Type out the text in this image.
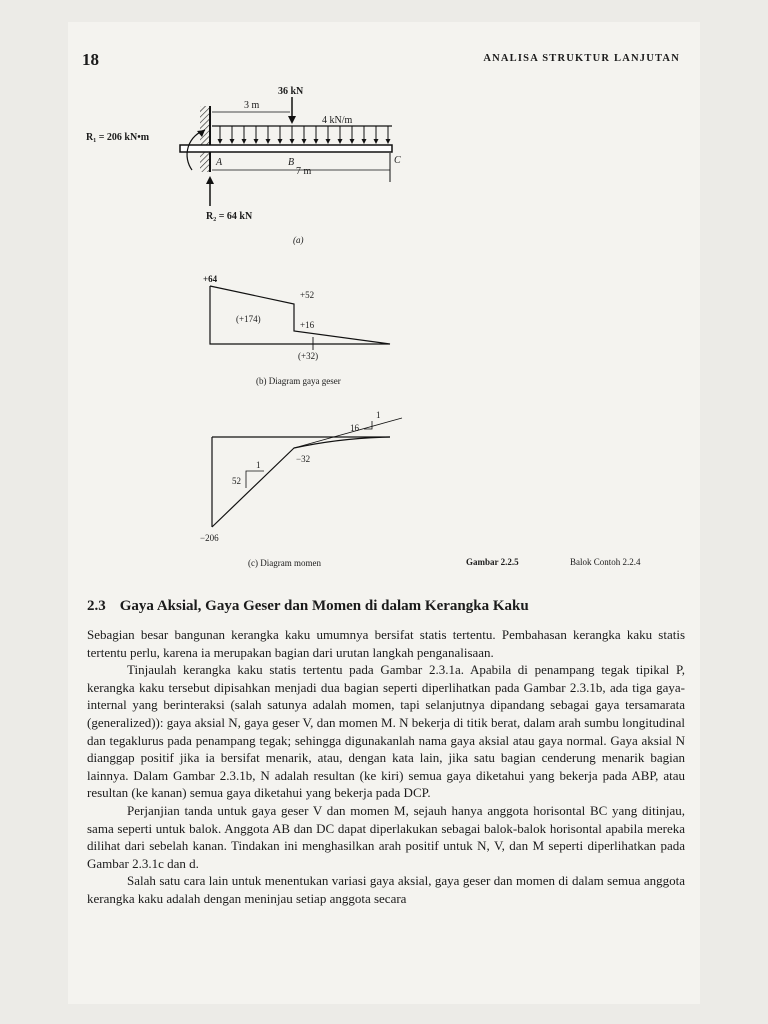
18	ANALISA STRUKTUR LANJUTAN
36 kN
3 m
4 kN/m
R₁ = 206 kN•m
A	B	C
7 m
R₂ = 64 kN
(a)
+64
+52
(+174)
+16
(+32)
(b) Diagram gaya geser
16
1
−32
1
52
−206
(c) Diagram momen	Gambar 2.2.5	Balok Contoh 2.2.4
2.3 Gaya Aksial, Gaya Geser dan Momen di dalam Kerangka Kaku

Sebagian besar bangunan kerangka kaku umumnya bersifat statis tertentu. Pembahasan kerangka kaku statis tertentu perlu, karena ia merupakan bagian dari urutan langkah penganalisaan.

Tinjaulah kerangka kaku statis tertentu pada Gambar 2.3.1a. Apabila di penampang tegak tipikal P, kerangka kaku tersebut dipisahkan menjadi dua bagian seperti diperlihatkan pada Gambar 2.3.1b, ada tiga gaya-internal yang berinteraksi (salah satunya adalah momen, tapi selanjutnya dipandang sebagai gaya tersamarata (generalized)): gaya aksial N, gaya geser V, dan momen M. N bekerja di titik berat, dalam arah sumbu longitudinal dan tegaklurus pada penampang tegak; sehingga digunakanlah nama gaya aksial atau gaya normal. Gaya aksial N dianggap positif jika ia bersifat menarik, atau, dengan kata lain, jika satu bagian cenderung menarik bagian lainnya. Dalam Gambar 2.3.1b, N adalah resultan (ke kiri) semua gaya diketahui yang bekerja pada ABP, atau resultan (ke kanan) semua gaya diketahui yang bekerja pada DCP.

Perjanjian tanda untuk gaya geser V dan momen M, sejauh hanya anggota horisontal BC yang ditinjau, sama seperti untuk balok. Anggota AB dan DC dapat diperlakukan sebagai balok-balok horisontal apabila mereka dilihat dari sebelah kanan. Tindakan ini menghasilkan arah positif untuk N, V, dan M seperti diperlihatkan pada Gambar 2.3.1c dan d.

Salah satu cara lain untuk menentukan variasi gaya aksial, gaya geser dan momen di dalam semua anggota kerangka kaku adalah dengan meninjau setiap anggota secara
